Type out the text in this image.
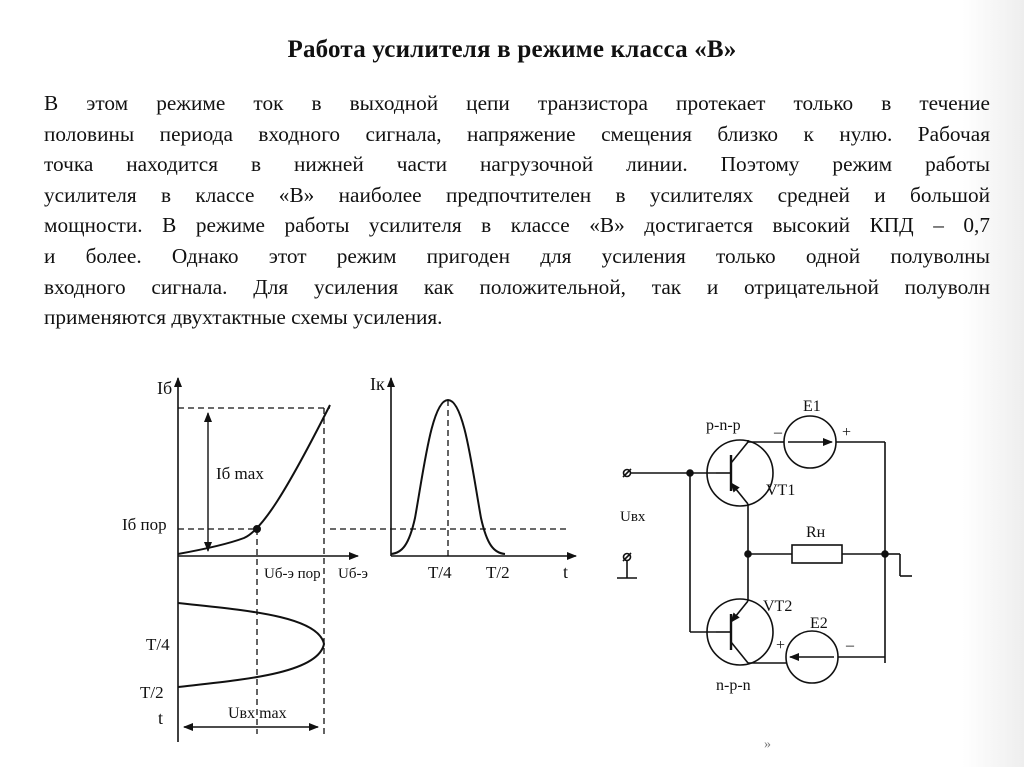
Работа усилителя в режиме класса «В»
В этом режиме ток в выходной цепи транзистора протекает только в течение
половины периода входного сигнала, напряжение смещения близко к нулю. Рабочая
точка находится в нижней части нагрузочной линии. Поэтому режим работы
усилителя в классе «В» наиболее предпочтителен в усилителях средней и большой
мощности. В режиме работы усилителя в классе «В» достигается высокий КПД – 0,7
и более. Однако этот режим пригоден для усиления только одной полуволны
входного сигнала. Для усиления как положительной, так и отрицательной полуволн
применяются двухтактные схемы усиления.
Iб
Iб max
Iб пор
Uб-э пор Uб-э
T/4
T/2
t	Uвх max
Iк
T/4 T/2	t
p-n-p
n-p-n
VT1
VT2
E1
E2
Rн
Uвх
–	+
+	–
»
